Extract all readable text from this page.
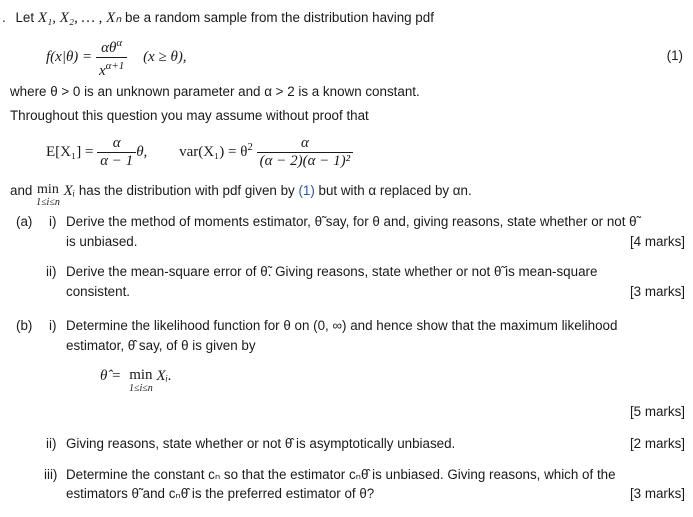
. Let X₁, X₂, … , Xₙ be a random sample from the distribution having pdf
$f(x|\theta) = \frac{\alpha\theta^\alpha}{x^{\alpha+1}} (x \ge \theta)$,	(1)
where θ > 0 is an unknown parameter and α > 2 is a known constant.
Throughout this question you may assume without proof that
$E[X_1] = \frac{\alpha}{\alpha - 1} \theta$, $var(X_1) = \theta^2 \frac{\alpha}{\text{(α − 2)(α − 1)²}}$
and min
1≤i≤n
Xᵢ has the distribution with pdf given by (1) but with α replaced by αn.
(a) i) Derive the method of moments estimator, θ̃ say, for θ and, giving reasons, state whether or not θ̃
is unbiased.	[4 marks]
ii) Derive the mean-square error of θ̃. Giving reasons, state whether or not θ̃ is mean-square
consistent.	[3 marks]
(b) i) Determine the likelihood function for θ on (0, ∞) and hence show that the maximum likelihood
estimator, θ̂ say, of θ is given by
θ̂ = min
1≤i≤n
Xᵢ.
[5 marks]
ii) Giving reasons, state whether or not θ̂ is asymptotically unbiased.	[2 marks]
iii) Determine the constant cₙ so that the estimator cₙθ̂ is unbiased. Giving reasons, which of the
estimators θ̃ and cₙθ̂ is the preferred estimator of θ?	[3 marks]
